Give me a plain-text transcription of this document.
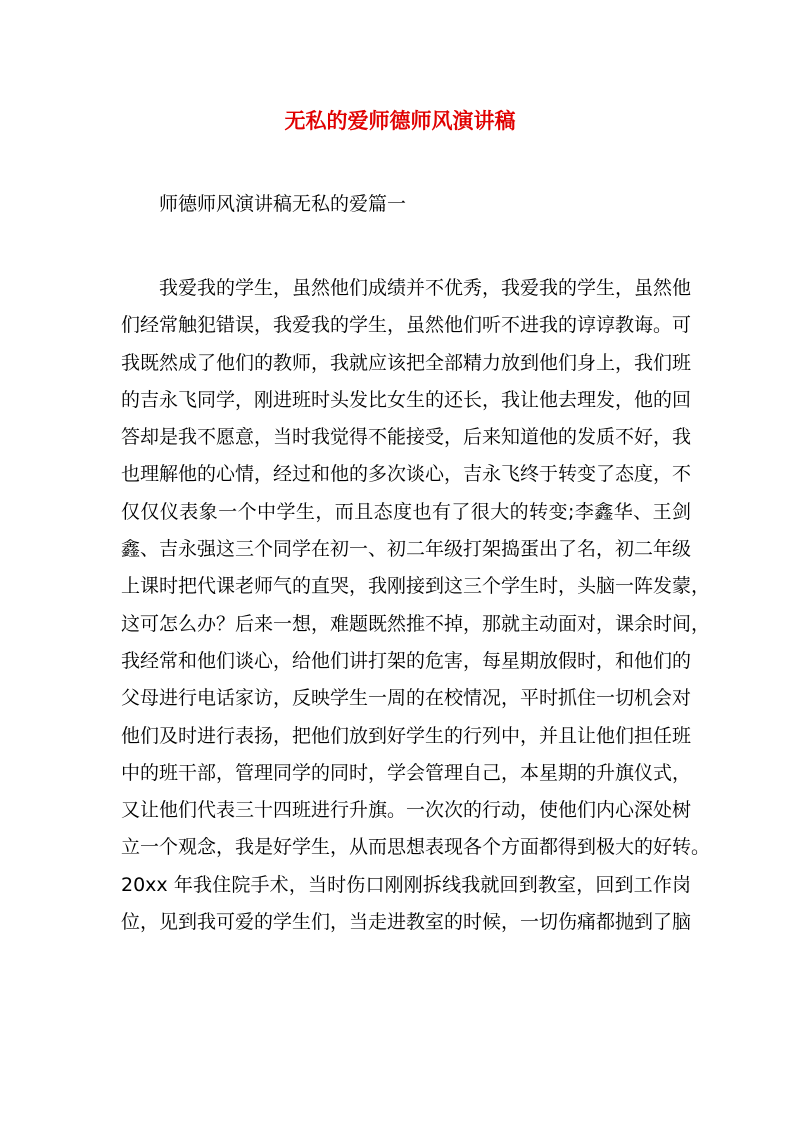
无私的爱师德师风演讲稿
师德师风演讲稿无私的爱篇一
我爱我的学生，虽然他们成绩并不优秀，我爱我的学生，虽然他
们经常触犯错误，我爱我的学生，虽然他们听不进我的谆谆教诲。可
我既然成了他们的教师，我就应该把全部精力放到他们身上，我们班
的吉永飞同学，刚进班时头发比女生的还长，我让他去理发，他的回
答却是我不愿意，当时我觉得不能接受，后来知道他的发质不好，我
也理解他的心情，经过和他的多次谈心，吉永飞终于转变了态度，不
仅仅仪表象一个中学生，而且态度也有了很大的转变;李鑫华、王剑
鑫、吉永强这三个同学在初一、初二年级打架捣蛋出了名，初二年级
上课时把代课老师气的直哭，我刚接到这三个学生时，头脑一阵发蒙，
这可怎么办？后来一想，难题既然推不掉，那就主动面对，课余时间，
我经常和他们谈心，给他们讲打架的危害，每星期放假时，和他们的
父母进行电话家访，反映学生一周的在校情况，平时抓住一切机会对
他们及时进行表扬，把他们放到好学生的行列中，并且让他们担任班
中的班干部，管理同学的同时，学会管理自己，本星期的升旗仪式，
又让他们代表三十四班进行升旗。一次次的行动，使他们内心深处树
立一个观念，我是好学生，从而思想表现各个方面都得到极大的好转。
20xx 年我住院手术，当时伤口刚刚拆线我就回到教室，回到工作岗
位，见到我可爱的学生们，当走进教室的时候，一切伤痛都抛到了脑
